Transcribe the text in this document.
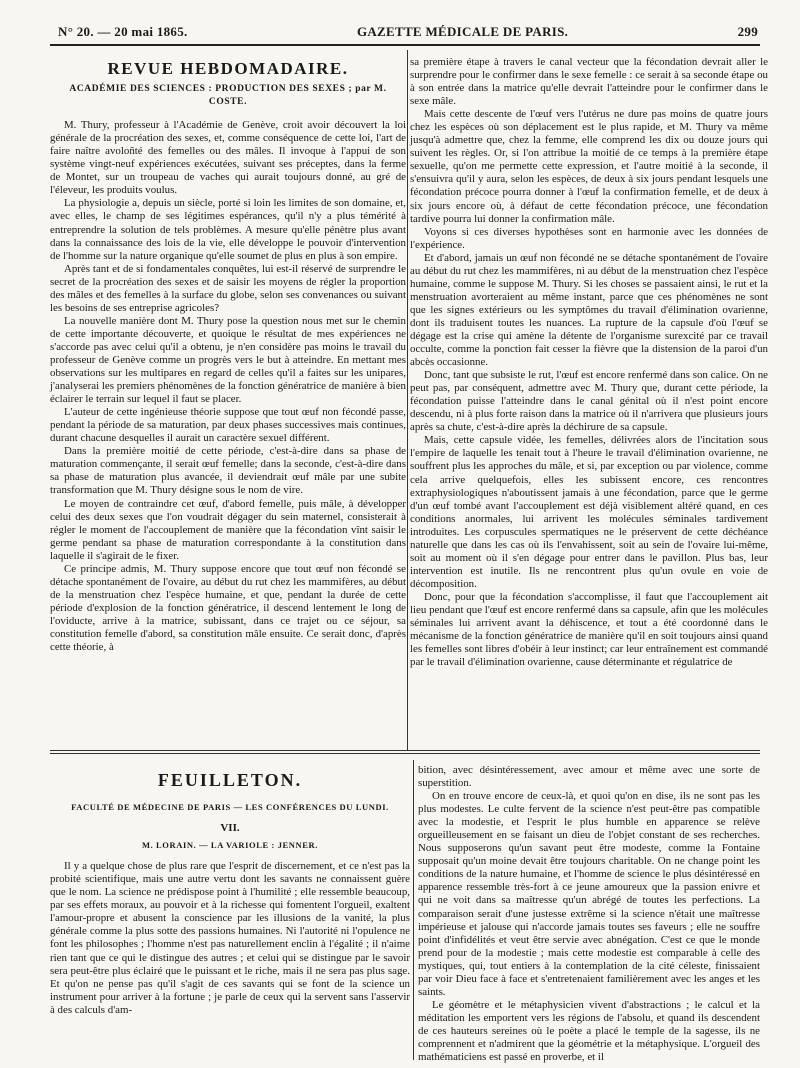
N° 20. — 20 mai 1865.	GAZETTE MÉDICALE DE PARIS.	299
REVUE HEBDOMADAIRE.
ACADÉMIE DES SCIENCES : PRODUCTION DES SEXES ; par M. COSTE.

M. Thury, professeur à l'Académie de Genève, croit avoir découvert la loi générale de la procréation des sexes, et, comme conséquence de cette loi, l'art de faire naître avoloñté des femelles ou des mâles. Il invoque à l'appui de son système vingt-neuf expériences exécutées, suivant ses préceptes, dans la ferme de Montet, sur un troupeau de vaches qui aurait toujours donné, au gré de l'éleveur, les produits voulus.

La physiologie a, depuis un siècle, porté si loin les limites de son domaine, et, avec elles, le champ de ses légitimes espérances, qu'il n'y a plus témérité à entreprendre la solution de tels problèmes. A mesure qu'elle pénètre plus avant dans la connaissance des lois de la vie, elle développe le pouvoir d'intervention de l'homme sur la nature organique qu'elle soumet de plus en plus à son empire.

Après tant et de si fondamentales conquêtes, lui est-il réservé de surprendre le secret de la procréation des sexes et de saisir les moyens de régler la proportion des mâles et des femelles à la surface du globe, selon ses convenances ou suivant les besoins de ses entreprise agricoles?

La nouvelle manière dont M. Thury pose la question nous met sur le chemin de cette importante découverte, et quoique le résultat de mes expériences ne s'accorde pas avec celui qu'il a obtenu, je n'en considère pas moins le travail du professeur de Genève comme un progrès vers le but à atteindre. En mettant mes observations sur les multipares en regard de celles qu'il a faites sur les unipares, j'analyserai les premiers phénomènes de la fonction génératrice de manière à bien éclairer le terrain sur lequel il faut se placer.

L'auteur de cette ingénieuse théorie suppose que tout œuf non fécondé passe, pendant la période de sa maturation, par deux phases successives mais continues, durant chacune desquelles il aurait un caractère sexuel différent.

Dans la première moitié de cette période, c'est-à-dire dans sa phase de maturation commençante, il serait œuf femelle; dans la seconde, c'est-à-dire dans sa phase de maturation plus avancée, il deviendrait œuf mâle par une subite transformation que M. Thury désigne sous le nom de vire.

Le moyen de contraindre cet œuf, d'abord femelle, puis mâle, à développer celui des deux sexes que l'on voudrait dégager du sein maternel, consisterait à régler le moment de l'accouplement de manière que la fécondation vînt saisir le germe pendant sa phase de maturation correspondante à la constitution dans laquelle il s'agirait de le fixer.

Ce principe admis, M. Thury suppose encore que tout œuf non fécondé se détache spontanément de l'ovaire, au début du rut chez les mammifères, au début de la menstruation chez l'espèce humaine, et que, pendant la durée de cette période d'explosion de la fonction génératrice, il descend lentement le long de l'oviducte, arrive à la matrice, subissant, dans ce trajet ou ce séjour, sa constitution femelle d'abord, sa constitution mâle ensuite. Ce serait donc, d'après cette théorie, à

sa première étape à travers le canal vecteur que la fécondation devrait aller le surprendre pour le confirmer dans le sexe femelle : ce serait à sa seconde étape ou à son entrée dans la matrice qu'elle devrait l'atteindre pour le confirmer dans le sexe mâle.

Mais cette descente de l'œuf vers l'utérus ne dure pas moins de quatre jours chez les espèces où son déplacement est le plus rapide, et M. Thury va même jusqu'à admettre que, chez la femme, elle comprend les dix ou douze jours qui suivent les règles. Or, si l'on attribue la moitié de ce temps à la première étape sexuelle, qu'on me permette cette expression, et l'autre moitié à la seconde, il s'ensuivra qu'il y aura, selon les espèces, de deux à six jours pendant lesquels une fécondation précoce pourra donner à l'œuf la confirmation femelle, et de deux à six jours encore où, à défaut de cette fécondation précoce, une fécondation tardive pourra lui donner la confirmation mâle.

Voyons si ces diverses hypothèses sont en harmonie avec les données de l'expérience.

Et d'abord, jamais un œuf non fécondé ne se détache spontanément de l'ovaire au début du rut chez les mammifères, ni au début de la menstruation chez l'espèce humaine, comme le suppose M. Thury. Si les choses se passaient ainsi, le rut et la menstruation avorteraient au même instant, parce que ces phénomènes ne sont que les signes extérieurs ou les symptômes du travail d'élimination ovarienne, dont ils traduisent toutes les nuances. La rupture de la capsule d'où l'œuf se dégage est la crise qui amène la détente de l'organisme surexcité par ce travail occulte, comme la ponction fait cesser la fièvre que la distension de la paroi d'un abcès occasionne.

Donc, tant que subsiste le rut, l'œuf est encore renfermé dans son calice. On ne peut pas, par conséquent, admettre avec M. Thury que, durant cette période, la fécondation puisse l'atteindre dans le canal génital où il n'est point encore descendu, ni à plus forte raison dans la matrice où il n'arrivera que plusieurs jours après sa chute, c'est-à-dire après la déchirure de sa capsule.

Mais, cette capsule vidée, les femelles, délivrées alors de l'incitation sous l'empire de laquelle les tenait tout à l'heure le travail d'élimination ovarienne, ne souffrent plus les approches du mâle, et si, par exception ou par violence, comme cela arrive quelquefois, elles les subissent encore, ces rencontres extraphysiologiques n'aboutissent jamais à une fécondation, parce que le germe d'un œuf tombé avant l'accouplement est déjà visiblement altéré quand, en ces conditions anormales, lui arrivent les molécules séminales tardivement introduites. Les corpuscules spermatiques ne le préservent de cette déchéance naturelle que dans les cas où ils l'envahissent, soit au sein de l'ovaire lui-même, soit au moment où il s'en dégage pour entrer dans le pavillon. Plus bas, leur intervention est inutile. Ils ne rencontrent plus qu'un ovule en voie de décomposition.

Donc, pour que la fécondation s'accomplisse, il faut que l'accouplement ait lieu pendant que l'œuf est encore renfermé dans sa capsule, afin que les molécules séminales lui arrivent avant la déhiscence, et tout a été coordonné dans le mécanisme de la fonction génératrice de manière qu'il en soit toujours ainsi quand les femelles sont libres d'obéir à leur instinct; car leur entraînement est commandé par le travail d'élimination ovarienne, cause déterminante et régulatrice de

FEUILLETON.
FACULTÉ DE MÉDECINE DE PARIS — LES CONFÉRENCES DU LUNDI.
VII.
M. LORAIN. — LA VARIOLE : JENNER.

Il y a quelque chose de plus rare que l'esprit de discernement, et ce n'est pas la probité scientifique, mais une autre vertu dont les savants ne connaissent guère que le nom. La science ne prédispose point à l'humilité ; elle ressemble beaucoup, par ses effets moraux, au pouvoir et à la richesse qui fomentent l'orgueil, exaltent l'amour-propre et abusent la conscience par les illusions de la vanité, la plus générale comme la plus sotte des passions humaines. Ni l'autorité ni l'opulence ne font les philosophes ; l'homme n'est pas naturellement enclin à l'égalité ; il n'aime rien tant que ce qui le distingue des autres ; et celui qui se distingue par le savoir sera peut-être plus éclairé que le puissant et le riche, mais il ne sera pas plus sage. Et qu'on ne pense pas qu'il s'agit de ces savants qui se font de la science un instrument pour arriver à la fortune ; je parle de ceux qui la servent sans l'asservir à des calculs d'am-

bition, avec désintéressement, avec amour et même avec une sorte de superstition.

On en trouve encore de ceux-là, et quoi qu'on en dise, ils ne sont pas les plus modestes. Le culte fervent de la science n'est peut-être pas compatible avec la modestie, et l'esprit le plus humble en apparence se relève orgueilleusement en se faisant un dieu de l'objet constant de ses recherches. Nous supposerons qu'un savant peut être modeste, comme la Fontaine supposait qu'un moine devait être toujours charitable. On ne change point les conditions de la nature humaine, et l'homme de science le plus désintéressé en apparence ressemble très-fort à ce jeune amoureux que la passion enivre et qui ne voit dans sa maîtresse qu'un abrégé de toutes les perfections. La comparaison serait d'une justesse extrême si la science n'était une maîtresse impérieuse et jalouse qui n'accorde jamais toutes ses faveurs ; elle ne souffre point d'infidélités et veut être servie avec abnégation. C'est ce que le monde prend pour de la modestie ; mais cette modestie est comparable à celle des mystiques, qui, tout entiers à la contemplation de la cité céleste, finissaient par voir Dieu face à face et s'entretenaient familièrement avec les anges et les saints.

Le géomètre et le métaphysicien vivent d'abstractions ; le calcul et la méditation les emportent vers les régions de l'absolu, et quand ils descendent de ces hauteurs sereines où le poète a placé le temple de la sagesse, ils ne comprennent et n'admirent que la géométrie et la métaphysique. L'orgueil des mathématiciens est passé en proverbe, et il
